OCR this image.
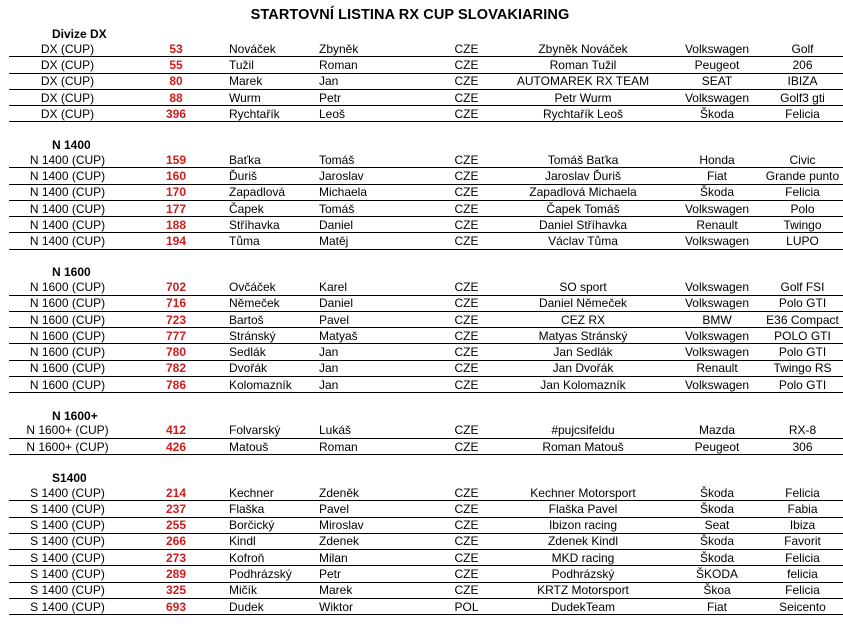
STARTOVNÍ LISTINA RX CUP SLOVAKIARING
Divize DX
DX (CUP)	53	Nováček	Zbyněk	CZE	Zbyněk Nováček	Volkswagen	Golf
DX (CUP)	55	Tužil	Roman	CZE	Roman Tužil	Peugeot	206
DX (CUP)	80	Marek	Jan	CZE	AUTOMAREK RX TEAM	SEAT	IBIZA
DX (CUP)	88	Wurm	Petr	CZE	Petr Wurm	Volkswagen	Golf3 gti
DX (CUP)	396	Rychtařík	Leoš	CZE	Rychtařík Leoš	Škoda	Felicia
N 1400
N 1400 (CUP)	159	Baťka	Tomáš	CZE	Tomáš Baťka	Honda	Civic
N 1400 (CUP)	160	Ďuriš	Jaroslav	CZE	Jaroslav Ďuriš	Fiat	Grande punto
N 1400 (CUP)	170	Zapadlová	Michaela	CZE	Zapadlová Michaela	Škoda	Felicia
N 1400 (CUP)	177	Čapek	Tomáš	CZE	Čapek Tomáš	Volkswagen	Polo
N 1400 (CUP)	188	Stříhavka	Daniel	CZE	Daniel Stříhavka	Renault	Twingo
N 1400 (CUP)	194	Tůma	Matěj	CZE	Václav Tůma	Volkswagen	LUPO
N 1600
N 1600 (CUP)	702	Ovčáček	Karel	CZE	SO sport	Volkswagen	Golf FSI
N 1600 (CUP)	716	Němeček	Daniel	CZE	Daniel Němeček	Volkswagen	Polo GTI
N 1600 (CUP)	723	Bartoš	Pavel	CZE	CEZ RX	BMW	E36 Compact
N 1600 (CUP)	777	Stránský	Matyaš	CZE	Matyas Stránský	Volkswagen	POLO GTI
N 1600 (CUP)	780	Sedlák	Jan	CZE	Jan Sedlák	Volkswagen	Polo GTI
N 1600 (CUP)	782	Dvořák	Jan	CZE	Jan Dvořák	Renault	Twingo RS
N 1600 (CUP)	786	Kolomazník	Jan	CZE	Jan Kolomazník	Volkswagen	Polo GTI
N 1600+
N 1600+ (CUP)	412	Folvarský	Lukáš	CZE	#pujcsifeldu	Mazda	RX-8
N 1600+ (CUP)	426	Matouš	Roman	CZE	Roman Matouš	Peugeot	306
S1400
S 1400 (CUP)	214	Kechner	Zdeněk	CZE	Kechner Motorsport	Škoda	Felicia
S 1400 (CUP)	237	Flaška	Pavel	CZE	Flaška Pavel	Škoda	Fabia
S 1400 (CUP)	255	Borčický	Miroslav	CZE	Ibizon racing	Seat	Ibiza
S 1400 (CUP)	266	Kindl	Zdenek	CZE	Zdenek Kindl	Škoda	Favorit
S 1400 (CUP)	273	Kofroň	Milan	CZE	MKD racing	Škoda	Felicia
S 1400 (CUP)	289	Podhrázský	Petr	CZE	Podhrázský	ŠKODA	felicia
S 1400 (CUP)	325	Mičík	Marek	CZE	KRTZ Motorsport	Škoa	Felicia
S 1400 (CUP)	693	Dudek	Wiktor	POL	DudekTeam	Fiat	Seicento
